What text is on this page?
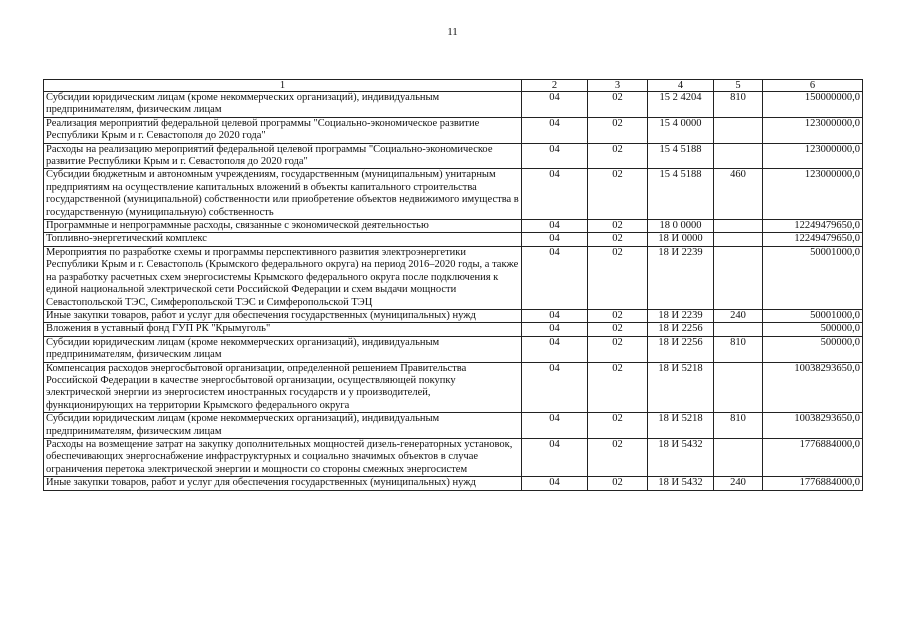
11
1	2	3	4	5	6
Субсидии юридическим лицам (кроме некоммерческих организаций), индивидуальным предпринимателям, физическим лицам	04	02	15 2 4204	810	150000000,0
Реализация мероприятий федеральной целевой программы "Социально-экономическое развитие Республики Крым и г. Севастополя до 2020 года"	04	02	15 4 0000		123000000,0
Расходы на реализацию мероприятий федеральной целевой программы "Социально-экономическое развитие Республики Крым и г. Севастополя до 2020 года"	04	02	15 4 5188		123000000,0
Субсидии бюджетным и автономным учреждениям, государственным (муниципальным) унитарным предприятиям на осуществление капитальных вложений в объекты капитального строительства государственной (муниципальной) собственности или приобретение объектов недвижимого имущества в государственную (муниципальную) собственность	04	02	15 4 5188	460	123000000,0
Программные и непрограммные расходы, связанные с экономической деятельностью	04	02	18 0 0000		12249479650,0
Топливно-энергетический комплекс	04	02	18 И 0000		12249479650,0
Мероприятия по разработке схемы и программы перспективного развития электроэнергетики Республики Крым и г. Севастополь (Крымского федерального округа) на период 2016–2020 годы, а также на разработку расчетных схем энергосистемы Крымского федерального округа после подключения к единой национальной электрической сети Российской Федерации и схем выдачи мощности Севастопольской ТЭС, Симферопольской ТЭС и Симферопольской ТЭЦ	04	02	18 И 2239		50001000,0
Иные закупки товаров, работ и услуг для обеспечения государственных (муниципальных) нужд	04	02	18 И 2239	240	50001000,0
Вложения в уставный фонд ГУП РК "Крымуголь"	04	02	18 И 2256		500000,0
Субсидии юридическим лицам (кроме некоммерческих организаций), индивидуальным предпринимателям, физическим лицам	04	02	18 И 2256	810	500000,0
Компенсация расходов энергосбытовой организации, определенной решением Правительства Российской Федерации в качестве энергосбытовой организации, осуществляющей покупку электрической энергии из энергосистем иностранных государств и у производителей, функционирующих на территории Крымского федерального округа	04	02	18 И 5218		10038293650,0
Субсидии юридическим лицам (кроме некоммерческих организаций), индивидуальным предпринимателям, физическим лицам	04	02	18 И 5218	810	10038293650,0
Расходы на возмещение затрат на закупку дополнительных мощностей дизель-генераторных установок, обеспечивающих энергоснабжение инфраструктурных и социально значимых объектов в случае ограничения перетока электрической энергии и мощности со стороны смежных энергосистем	04	02	18 И 5432		1776884000,0
Иные закупки товаров, работ и услуг для обеспечения государственных (муниципальных) нужд	04	02	18 И 5432	240	1776884000,0
